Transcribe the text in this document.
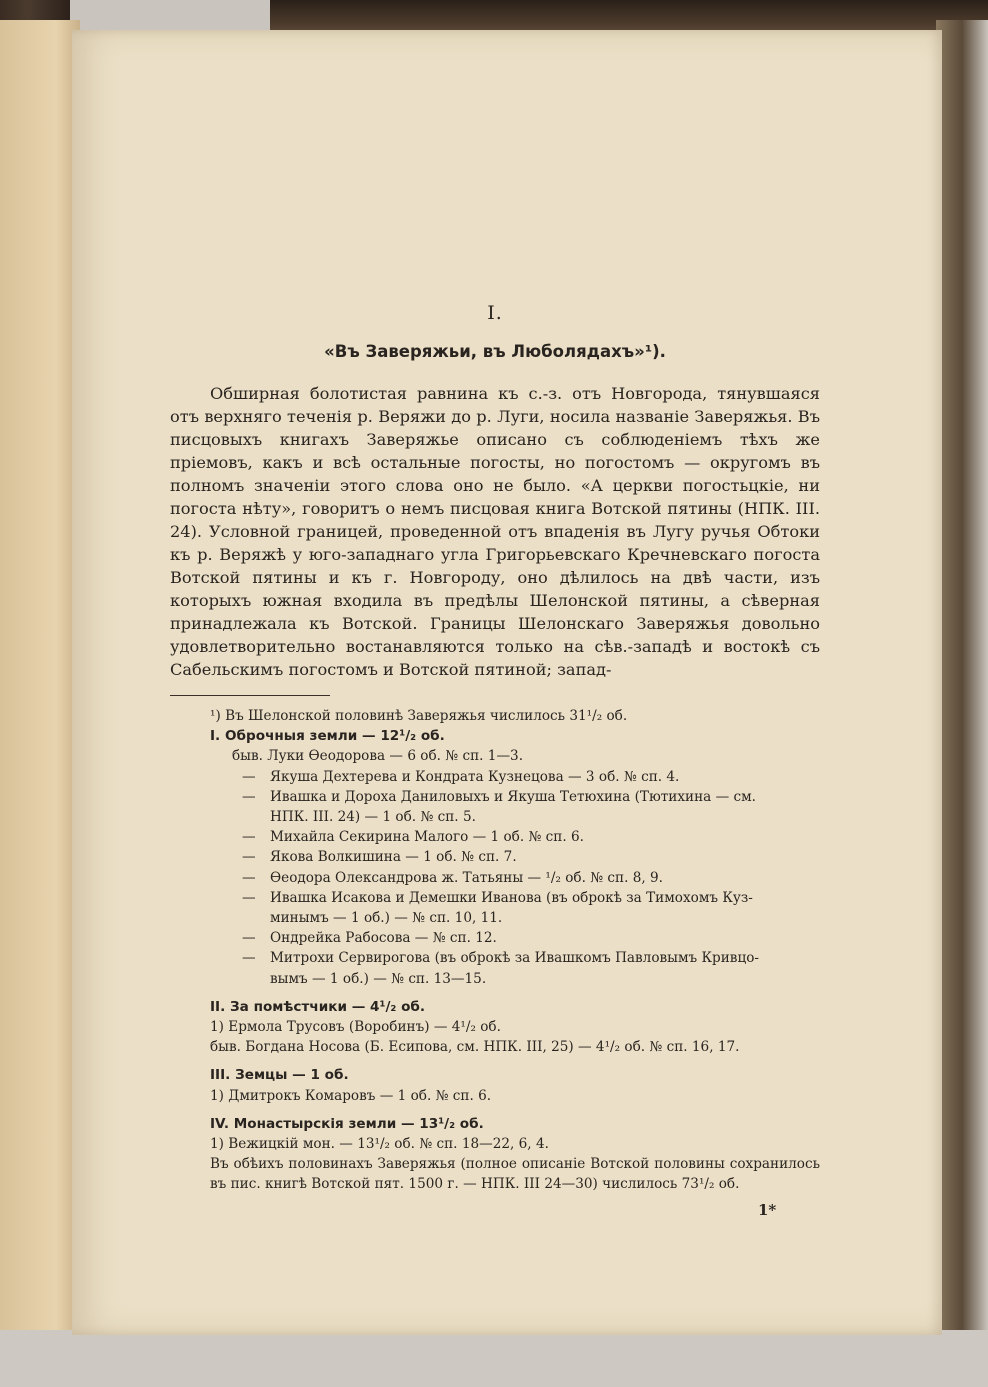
I.
«Въ Заверяжьи, въ Люболядахъ»¹).
Обширная болотистая равнина къ с.-з. отъ Новгорода, тянувшаяся отъ верхняго теченія р. Веряжи до р. Луги, носила названіе Заверяжья. Въ писцовыхъ книгахъ Заверяжье описано съ соблюденіемъ тѣхъ же пріемовъ, какъ и всѣ остальные погосты, но погостомъ — округомъ въ полномъ значеніи этого слова оно не было. «А церкви погостьцкіе, ни погоста нѣту», говоритъ о немъ писцовая книга Вотской пятины (НПК. III. 24). Условной границей, проведенной отъ впаденія въ Лугу ручья Обтоки къ р. Веряжѣ у юго-западнаго угла Григорьевскаго Кречневскаго погоста Вотской пятины и къ г. Новгороду, оно дѣлилось на двѣ части, изъ которыхъ южная входила въ предѣлы Шелонской пятины, а сѣверная принадлежала къ Вотской. Границы Шелонскаго Заверяжья довольно удовлетворительно востанавляются только на сѣв.-западѣ и востокѣ съ Сабельскимъ погостомъ и Вотской пятиной; запад-
¹) Въ Шелонской половинѣ Заверяжья числилось 31¹/₂ об.
I. Оброчныя земли — 12¹/₂ об.
быв. Луки Өеодорова — 6 об. № сп. 1—3.
— Якуша Дехтерева и Кондрата Кузнецова — 3 об. № сп. 4.
— Ивашка и Дороха Даниловыхъ и Якуша Тетюхина (Тютихина — см.
НПК. III. 24) — 1 об. № сп. 5.
— Михайла Секирина Малого — 1 об. № сп. 6.
— Якова Волкишина — 1 об. № сп. 7.
— Өеодора Олександрова ж. Татьяны — ¹/₂ об. № сп. 8, 9.
— Ивашка Исакова и Демешки Иванова (въ оброкѣ за Тимохомъ Куз-
минымъ — 1 об.) — № сп. 10, 11.
— Ондрейка Рабосова — № сп. 12.
— Митрохи Сервирогова (въ оброкѣ за Ивашкомъ Павловымъ Кривцо-
вымъ — 1 об.) — № сп. 13—15.
II. За помѣстчики — 4¹/₂ об.
1) Ермола Трусовъ (Воробинъ) — 4¹/₂ об.
быв. Богдана Носова (Б. Есипова, см. НПК. III, 25) — 4¹/₂ об. № сп. 16, 17.
III. Земцы — 1 об.
1) Дмитрокъ Комаровъ — 1 об. № сп. 6.
IV. Монастырскія земли — 13¹/₂ об.
1) Вежицкій мон. — 13¹/₂ об. № сп. 18—22, 6, 4.
Въ обѣихъ половинахъ Заверяжья (полное описаніе Вотской половины сохранилось въ пис. книгѣ Вотской пят. 1500 г. — НПК. III 24—30) числилось 73¹/₂ об.
1*
